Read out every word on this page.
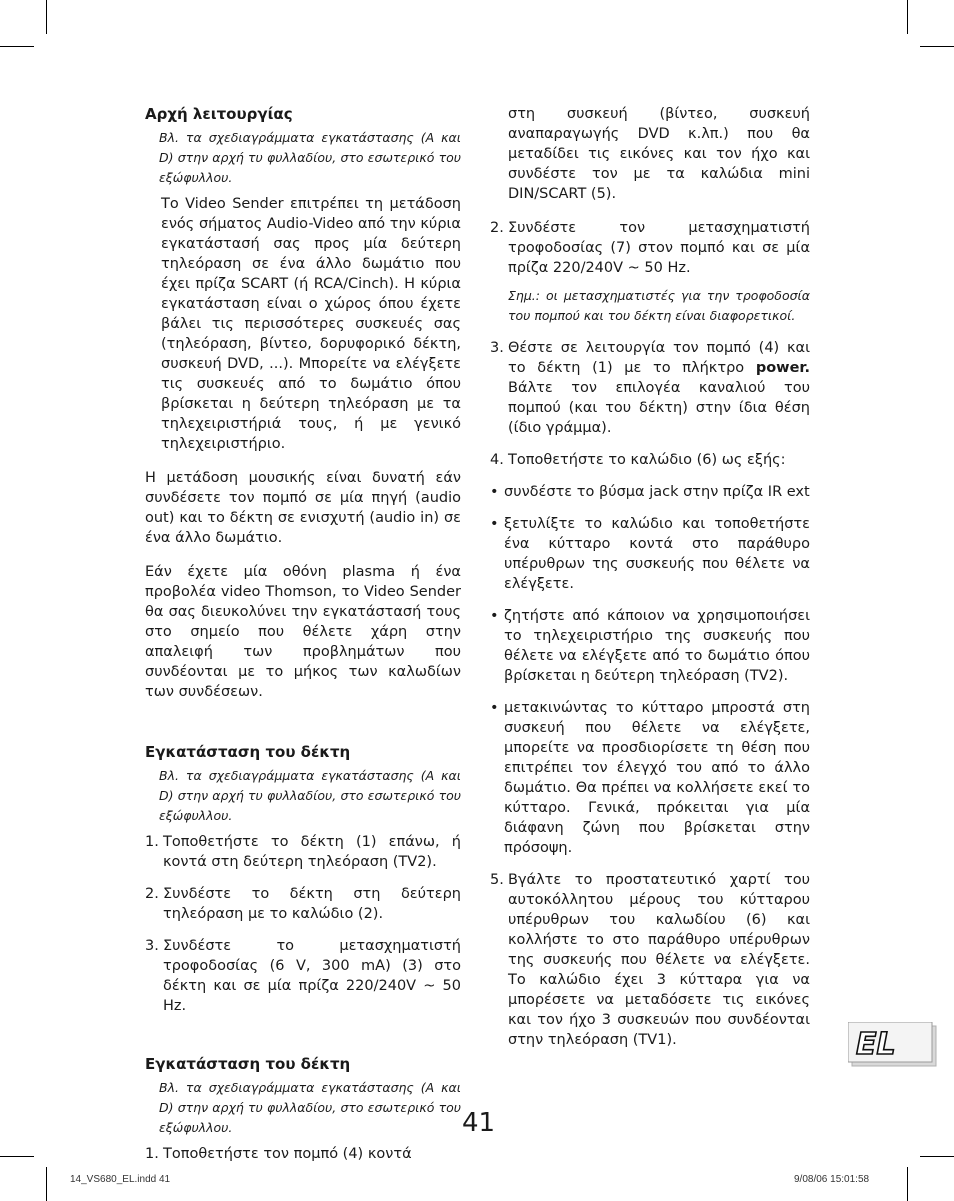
Αρχή λειτουργίας
Βλ. τα σχεδιαγράμματα εγκατάστασης (A και D) στην αρχή τυ φυλλαδίου, στο εσωτερικό του εξώφυλλου.
Το Video Sender επιτρέπει τη μετάδοση ενός σήματος Audio-Video από την κύρια εγκατάστασή σας προς μία δεύτερη τηλεόραση σε ένα άλλο δωμάτιο που έχει πρίζα SCART (ή RCA/Cinch). Η κύρια εγκατάσταση είναι ο χώρος όπου έχετε βάλει τις περισσότερες συσκευές σας (τηλεόραση, βίντεο, δορυφορικό δέκτη, συσκευή DVD, ...). Μπορείτε να ελέγξετε τις συσκευές από το δωμάτιο όπου βρίσκεται η δεύτερη τηλεόραση με τα τηλεχειριστήριά τους, ή με γενικό τηλεχειριστήριο.
Η μετάδοση μουσικής είναι δυνατή εάν συνδέσετε τον πομπό σε μία πηγή (audio out) και το δέκτη σε ενισχυτή (audio in) σε ένα άλλο δωμάτιο.
Εάν έχετε μία οθόνη plasma ή ένα προβολέα video Thomson, το Video Sender θα σας διευκολύνει την εγκατάστασή τους στο σημείο που θέλετε χάρη στην απαλειφή των προβλημάτων που συνδέονται με το μήκος των καλωδίων των συνδέσεων.
Εγκατάσταση του δέκτη
Βλ. τα σχεδιαγράμματα εγκατάστασης (A και D) στην αρχή τυ φυλλαδίου, στο εσωτερικό του εξώφυλλου.
1. Τοποθετήστε το δέκτη (1) επάνω, ή κοντά στη δεύτερη τηλεόραση (TV2).
2. Συνδέστε το δέκτη στη δεύτερη τηλεόραση με το καλώδιο (2).
3. Συνδέστε το μετασχηματιστή τροφοδοσίας (6 V, 300 mA) (3) στο δέκτη και σε μία πρίζα 220/240V ~ 50 Hz.
Εγκατάσταση του δέκτη
Βλ. τα σχεδιαγράμματα εγκατάστασης (A και D) στην αρχή τυ φυλλαδίου, στο εσωτερικό του εξώφυλλου.
1. Τοποθετήστε τον πομπό (4) κοντά
στη συσκευή (βίντεο, συσκευή αναπαραγωγής DVD κ.λπ.) που θα μεταδίδει τις εικόνες και τον ήχο και συνδέστε τον με τα καλώδια mini DIN/SCART (5).
2. Συνδέστε τον μετασχηματιστή τροφοδοσίας (7) στον πομπό και σε μία πρίζα 220/240V ~ 50 Hz.
Σημ.: οι μετασχηματιστές για την τροφοδοσία του πομπού και του δέκτη είναι διαφορετικοί.
3. Θέστε σε λειτουργία τον πομπό (4) και το δέκτη (1) με το πλήκτρο power. Βάλτε τον επιλογέα καναλιού του πομπού (και του δέκτη) στην ίδια θέση (ίδιο γράμμα).
4. Τοποθετήστε το καλώδιο (6) ως εξής:
• συνδέστε το βύσμα jack στην πρίζα IR ext
• ξετυλίξτε το καλώδιο και τοποθετήστε ένα κύτταρο κοντά στο παράθυρο υπέρυθρων της συσκευής που θέλετε να ελέγξετε.
• ζητήστε από κάποιον να χρησιμοποιήσει το τηλεχειριστήριο της συσκευής που θέλετε να ελέγξετε από το δωμάτιο όπου βρίσκεται η δεύτερη τηλεόραση (TV2).
• μετακινώντας το κύτταρο μπροστά στη συσκευή που θέλετε να ελέγξετε, μπορείτε να προσδιορίσετε τη θέση που επιτρέπει τον έλεγχό του από το άλλο δωμάτιο. Θα πρέπει να κολλήσετε εκεί το κύτταρο. Γενικά, πρόκειται για μία διάφανη ζώνη που βρίσκεται στην πρόσοψη.
5. Βγάλτε το προστατευτικό χαρτί του αυτοκόλλητου μέρους του κύτταρου υπέρυθρων του καλωδίου (6) και κολλήστε το στο παράθυρο υπέρυθρων της συσκευής που θέλετε να ελέγξετε. Το καλώδιο έχει 3 κύτταρα για να μπορέσετε να μεταδόσετε τις εικόνες και τον ήχο 3 συσκευών που συνδέονται στην τηλεόραση (TV1).	EL
41
14_VS680_EL.indd 41	9/08/06 15:01:58
